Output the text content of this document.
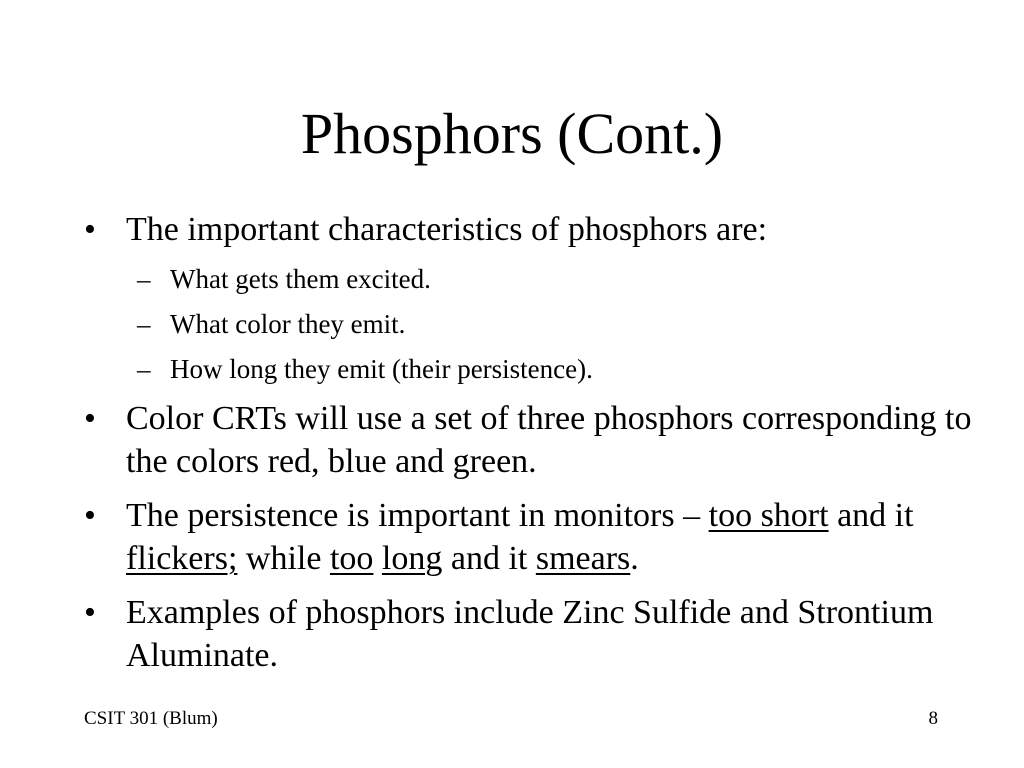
Phosphors (Cont.)
• The important characteristics of phosphors are:
– What gets them excited.
– What color they emit.
– How long they emit (their persistence).
• Color CRTs will use a set of three phosphors corresponding to the colors red, blue and green.
• The persistence is important in monitors – too short and it flickers; while too long and it smears.
• Examples of phosphors include Zinc Sulfide and Strontium Aluminate.
CSIT 301 (Blum)	8
